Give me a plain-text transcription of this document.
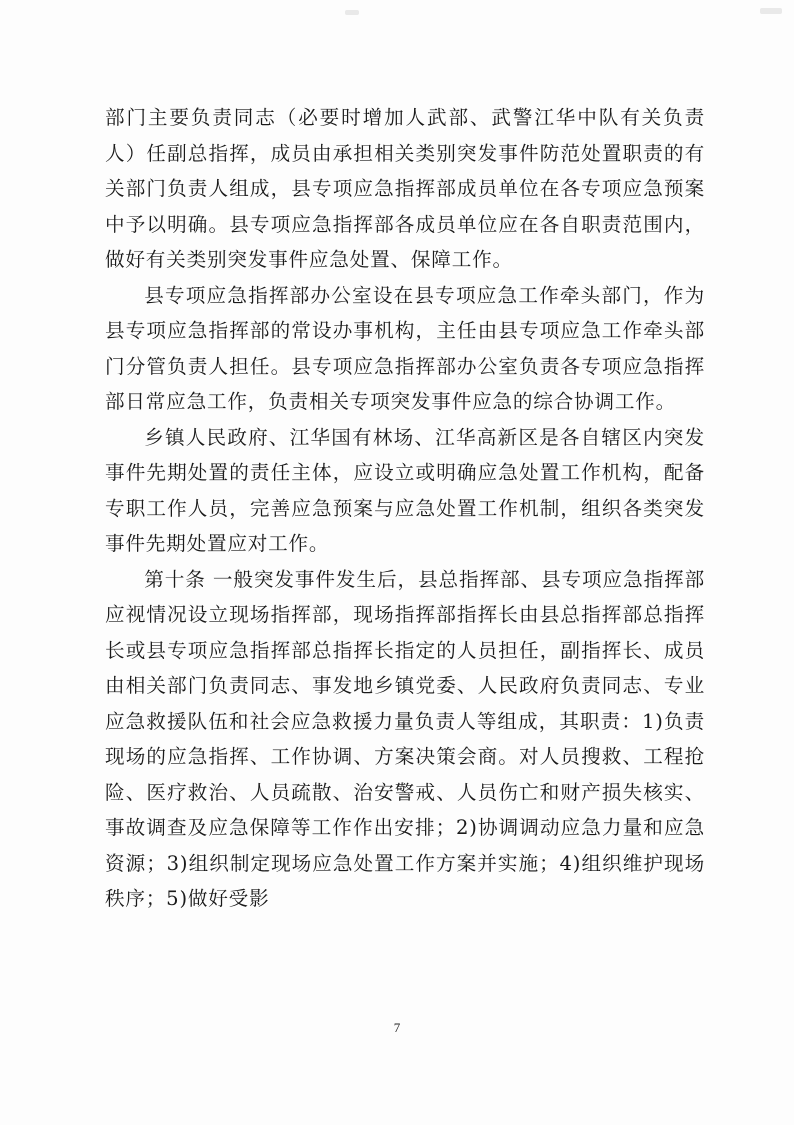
部门主要负责同志（必要时增加人武部、武警江华中队有关负责人）任副总指挥，成员由承担相关类别突发事件防范处置职责的有关部门负责人组成，县专项应急指挥部成员单位在各专项应急预案中予以明确。县专项应急指挥部各成员单位应在各自职责范围内，做好有关类别突发事件应急处置、保障工作。

县专项应急指挥部办公室设在县专项应急工作牵头部门，作为县专项应急指挥部的常设办事机构，主任由县专项应急工作牵头部门分管负责人担任。县专项应急指挥部办公室负责各专项应急指挥部日常应急工作，负责相关专项突发事件应急的综合协调工作。

乡镇人民政府、江华国有林场、江华高新区是各自辖区内突发事件先期处置的责任主体，应设立或明确应急处置工作机构，配备专职工作人员，完善应急预案与应急处置工作机制，组织各类突发事件先期处置应对工作。

第十条 一般突发事件发生后，县总指挥部、县专项应急指挥部应视情况设立现场指挥部，现场指挥部指挥长由县总指挥部总指挥长或县专项应急指挥部总指挥长指定的人员担任，副指挥长、成员由相关部门负责同志、事发地乡镇党委、人民政府负责同志、专业应急救援队伍和社会应急救援力量负责人等组成，其职责：1)负责现场的应急指挥、工作协调、方案决策会商。对人员搜救、工程抢险、医疗救治、人员疏散、治安警戒、人员伤亡和财产损失核实、事故调查及应急保障等工作作出安排；2)协调调动应急力量和应急资源；3)组织制定现场应急处置工作方案并实施；4)组织维护现场秩序；5)做好受影

7
